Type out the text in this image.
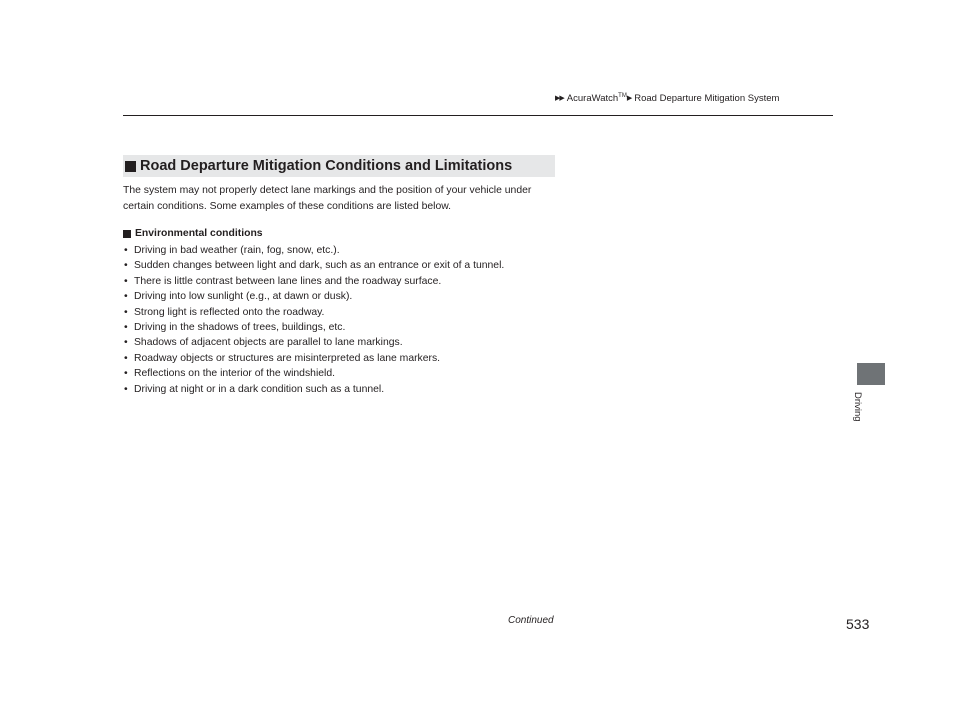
▶▶ AcuraWatch™▶ Road Departure Mitigation System
Driving
Road Departure Mitigation Conditions and Limitations
The system may not properly detect lane markings and the position of your vehicle under certain conditions. Some examples of these conditions are listed below.
Environmental conditions
• Driving in bad weather (rain, fog, snow, etc.).
• Sudden changes between light and dark, such as an entrance or exit of a tunnel.
• There is little contrast between lane lines and the roadway surface.
• Driving into low sunlight (e.g., at dawn or dusk).
• Strong light is reflected onto the roadway.
• Driving in the shadows of trees, buildings, etc.
• Shadows of adjacent objects are parallel to lane markings.
• Roadway objects or structures are misinterpreted as lane markers.
• Reflections on the interior of the windshield.
• Driving at night or in a dark condition such as a tunnel.
Continued	533
